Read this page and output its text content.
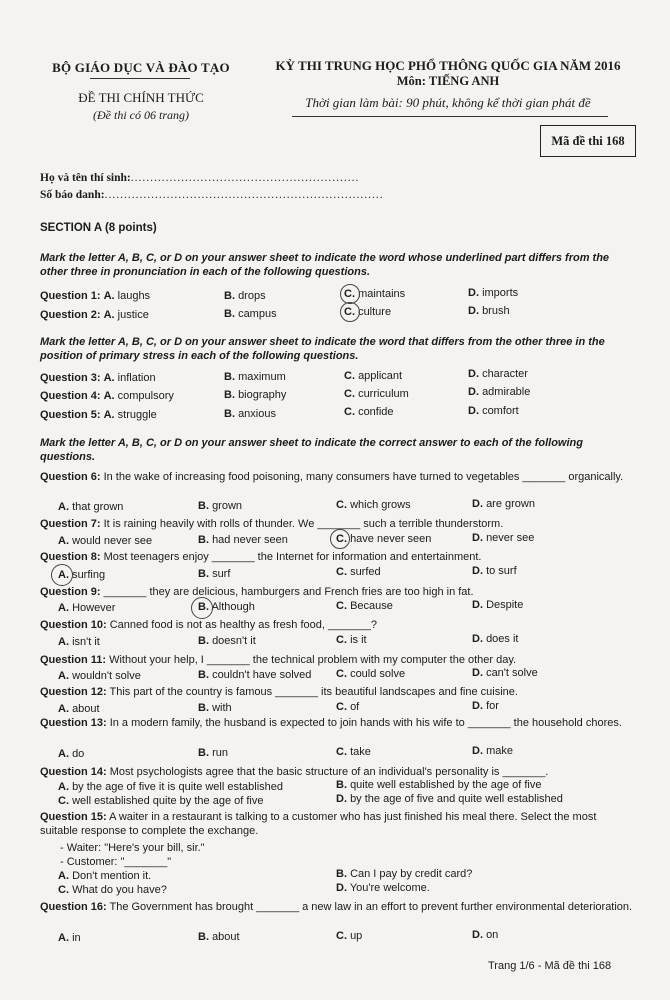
BỘ GIÁO DỤC VÀ ĐÀO TẠO
ĐỀ THI CHÍNH THỨC
(Đề thi có 06 trang)
KỲ THI TRUNG HỌC PHỔ THÔNG QUỐC GIA NĂM 2016
Môn: TIẾNG ANH
Thời gian làm bài: 90 phút, không kể thời gian phát đề
Mã đề thi 168
Họ và tên thí sinh:...........................................................
Số báo danh:........................................................................
SECTION A (8 points)
Mark the letter A, B, C, or D on your answer sheet to indicate the word whose underlined part differs from the other three in pronunciation in each of the following questions.
Question 1: A. laughs	B. drops	C. maintains	D. imports
Question 2: A. justice	B. campus	C. culture	D. brush
Mark the letter A, B, C, or D on your answer sheet to indicate the word that differs from the other three in the position of primary stress in each of the following questions.
Question 3: A. inflation	B. maximum	C. applicant	D. character
Question 4: A. compulsory	B. biography	C. curriculum	D. admirable
Question 5: A. struggle	B. anxious	C. confide	D. comfort
Mark the letter A, B, C, or D on your answer sheet to indicate the correct answer to each of the following questions.
Question 6: In the wake of increasing food poisoning, many consumers have turned to vegetables _______ organically.
A. that grown	B. grown	C. which grows	D. are grown
Question 7: It is raining heavily with rolls of thunder. We _______ such a terrible thunderstorm.
A. would never see	B. had never seen	C. have never seen	D. never see
Question 8: Most teenagers enjoy _______ the Internet for information and entertainment.
A. surfing	B. surf	C. surfed	D. to surf
Question 9: _______ they are delicious, hamburgers and French fries are too high in fat.
A. However	B. Although	C. Because	D. Despite
Question 10: Canned food is not as healthy as fresh food, _______?
A. isn't it	B. doesn't it	C. is it	D. does it
Question 11: Without your help, I _______ the technical problem with my computer the other day.
A. wouldn't solve	B. couldn't have solved C. could solve	D. can't solve
Question 12: This part of the country is famous _______ its beautiful landscapes and fine cuisine.
A. about	B. with	C. of	D. for
Question 13: In a modern family, the husband is expected to join hands with his wife to _______ the household chores.
A. do	B. run	C. take	D. make
Question 14: Most psychologists agree that the basic structure of an individual's personality is _______.
A. by the age of five it is quite well established	B. quite well established by the age of five
C. well established quite by the age of five	D. by the age of five and quite well established
Question 15: A waiter in a restaurant is talking to a customer who has just finished his meal there. Select the most suitable response to complete the exchange.
- Waiter: "Here's your bill, sir."
- Customer: "_______"
A. Don't mention it.	B. Can I pay by credit card?
C. What do you have?	D. You're welcome.
Question 16: The Government has brought _______ a new law in an effort to prevent further environmental deterioration.
A. in	B. about	C. up	D. on
Trang 1/6 - Mã đề thi 168
